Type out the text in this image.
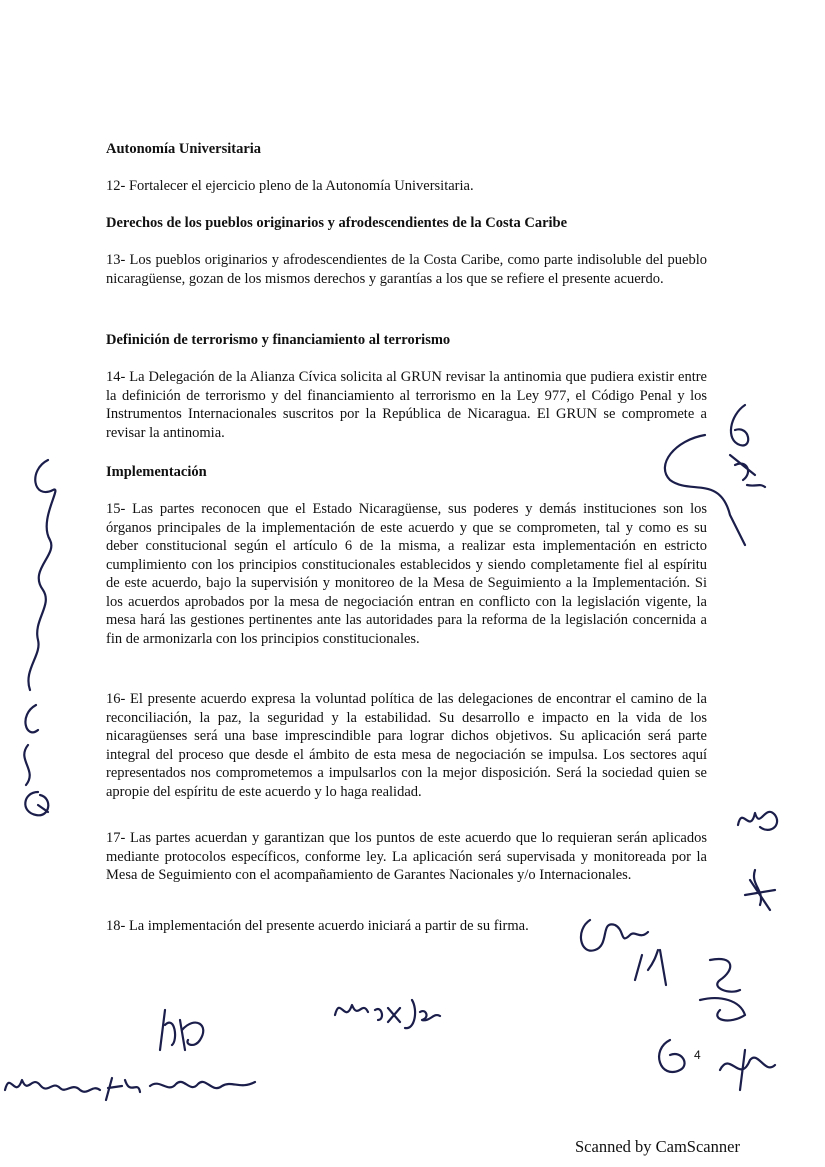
Autonomía Universitaria

12- Fortalecer el ejercicio pleno de la Autonomía Universitaria.

Derechos de los pueblos originarios y afrodescendientes de la Costa Caribe

13- Los pueblos originarios y afrodescendientes de la Costa Caribe, como parte indisoluble del pueblo nicaragüense, gozan de los mismos derechos y garantías a los que se refiere el presente acuerdo.

Definición de terrorismo y financiamiento al terrorismo

14- La Delegación de la Alianza Cívica solicita al GRUN revisar la antinomia que pudiera existir entre la definición de terrorismo y del financiamiento al terrorismo en la Ley 977, el Código Penal y los Instrumentos Internacionales suscritos por la República de Nicaragua. El GRUN se compromete a revisar la antinomia.

Implementación

15- Las partes reconocen que el Estado Nicaragüense, sus poderes y demás instituciones son los órganos principales de la implementación de este acuerdo y que se comprometen, tal y como es su deber constitucional según el artículo 6 de la misma, a realizar esta implementación en estricto cumplimiento con los principios constitucionales establecidos y siendo completamente fiel al espíritu de este acuerdo, bajo la supervisión y monitoreo de la Mesa de Seguimiento a la Implementación. Si los acuerdos aprobados por la mesa de negociación entran en conflicto con la legislación vigente, la mesa hará las gestiones pertinentes ante las autoridades para la reforma de la legislación concernida a fin de armonizarla con los principios constitucionales.

16- El presente acuerdo expresa la voluntad política de las delegaciones de encontrar el camino de la reconciliación, la paz, la seguridad y la estabilidad. Su desarrollo e impacto en la vida de los nicaragüenses será una base imprescindible para lograr dichos objetivos. Su aplicación será parte integral del proceso que desde el ámbito de esta mesa de negociación se impulsa. Los sectores aquí representados nos comprometemos a impulsarlos con la mejor disposición. Será la sociedad quien se apropie del espíritu de este acuerdo y lo haga realidad.

17- Las partes acuerdan y garantizan que los puntos de este acuerdo que lo requieran serán aplicados mediante protocolos específicos, conforme ley. La aplicación será supervisada y monitoreada por la Mesa de Seguimiento con el acompañamiento de Garantes Nacionales y/o Internacionales.

18- La implementación del presente acuerdo iniciará a partir de su firma.

4
Scanned by CamScanner
